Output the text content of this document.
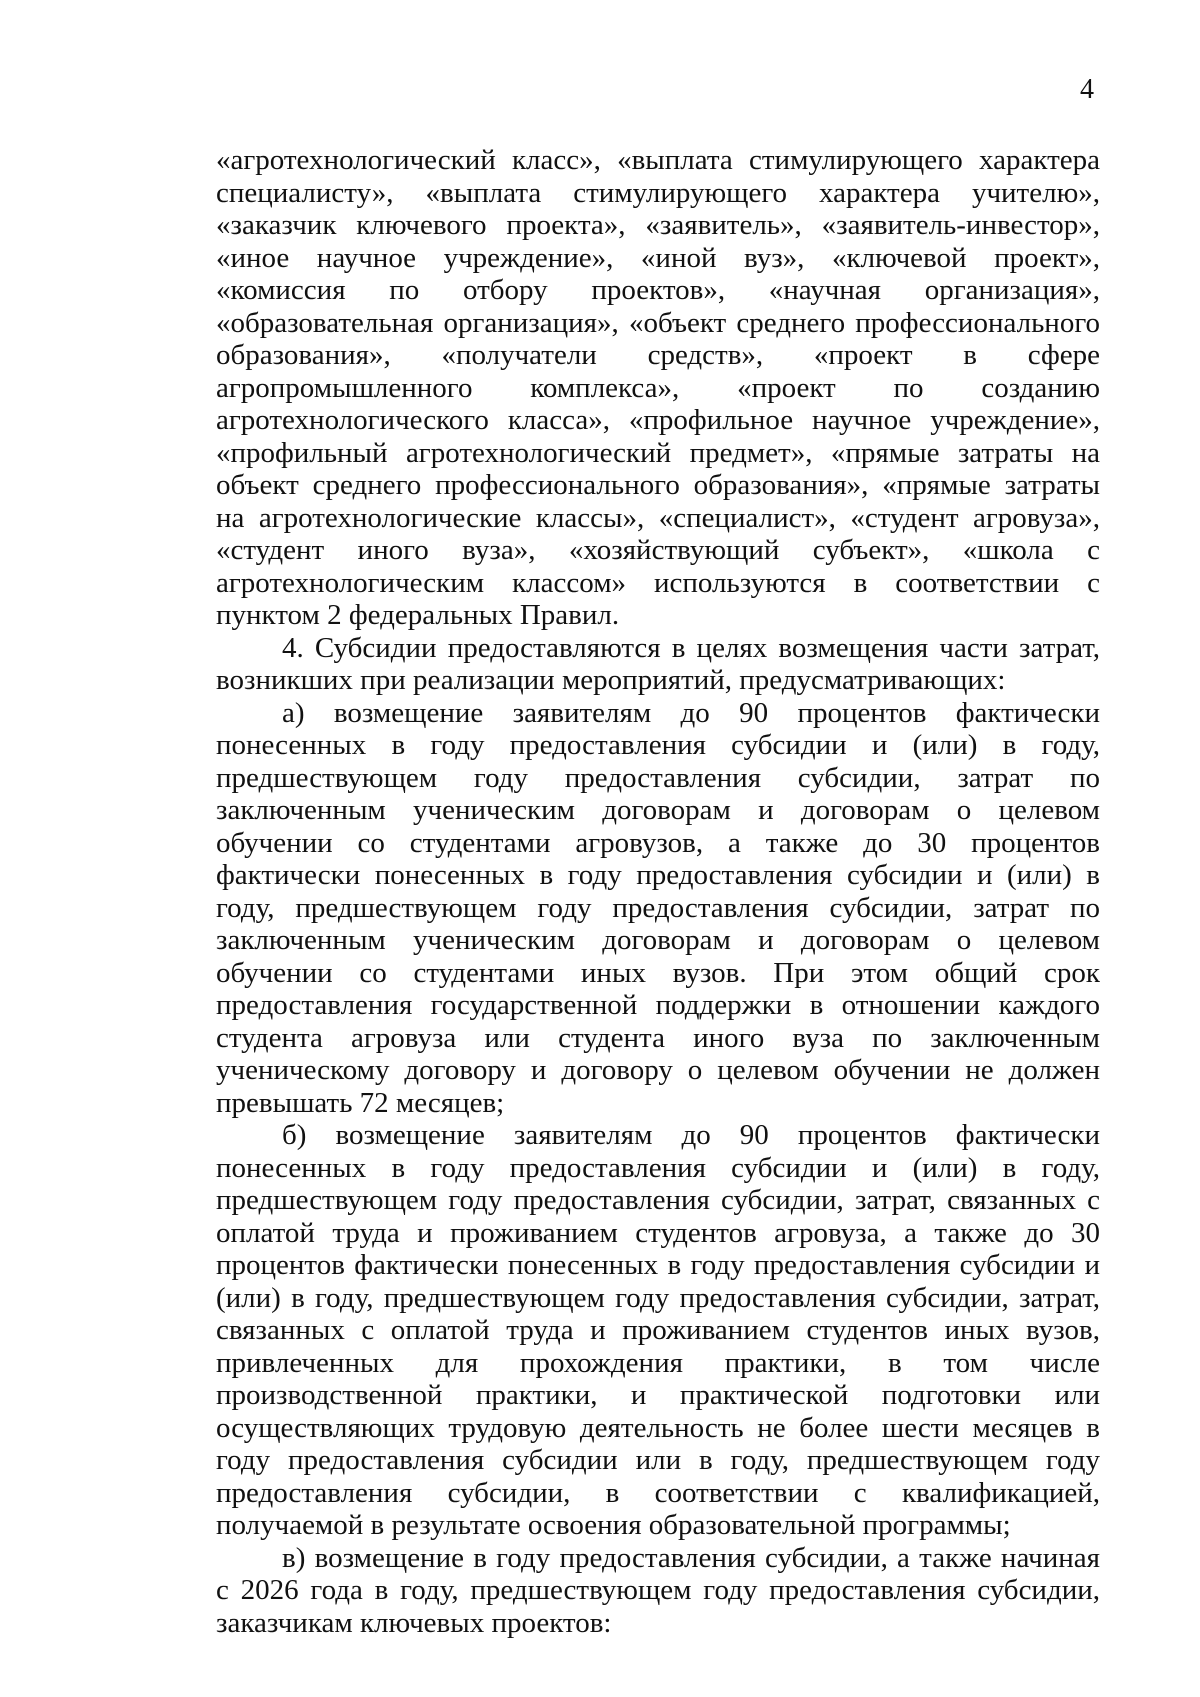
4

«агротехнологический класс», «выплата стимулирующего характера специалисту», «выплата стимулирующего характера учителю», «заказчик ключевого проекта», «заявитель», «заявитель-инвестор», «иное научное учреждение», «иной вуз», «ключевой проект», «комиссия по отбору проектов», «научная организация», «образовательная организация», «объект среднего профессионального образования», «получатели средств», «проект в сфере агропромышленного комплекса», «проект по созданию агротехнологического класса», «профильное научное учреждение», «профильный агротехнологический предмет», «прямые затраты на объект среднего профессионального образования», «прямые затраты на агротехнологические классы», «специалист», «студент агровуза», «студент иного вуза», «хозяйствующий субъект», «школа с агротехнологическим классом» используются в соответствии с пунктом 2 федеральных Правил.

4. Субсидии предоставляются в целях возмещения части затрат, возникших при реализации мероприятий, предусматривающих:

а) возмещение заявителям до 90 процентов фактически понесенных в году предоставления субсидии и (или) в году, предшествующем году предоставления субсидии, затрат по заключенным ученическим договорам и договорам о целевом обучении со студентами агровузов, а также до 30 процентов фактически понесенных в году предоставления субсидии и (или) в году, предшествующем году предоставления субсидии, затрат по заключенным ученическим договорам и договорам о целевом обучении со студентами иных вузов. При этом общий срок предоставления государственной поддержки в отношении каждого студента агровуза или студента иного вуза по заключенным ученическому договору и договору о целевом обучении не должен превышать 72 месяцев;

б) возмещение заявителям до 90 процентов фактически понесенных в году предоставления субсидии и (или) в году, предшествующем году предоставления субсидии, затрат, связанных с оплатой труда и проживанием студентов агровуза, а также до 30 процентов фактически понесенных в году предоставления субсидии и (или) в году, предшествующем году предоставления субсидии, затрат, связанных с оплатой труда и проживанием студентов иных вузов, привлеченных для прохождения практики, в том числе производственной практики, и практической подготовки или осуществляющих трудовую деятельность не более шести месяцев в году предоставления субсидии или в году, предшествующем году предоставления субсидии, в соответствии с квалификацией, получаемой в результате освоения образовательной программы;

в) возмещение в году предоставления субсидии, а также начиная с 2026 года в году, предшествующем году предоставления субсидии, заказчикам ключевых проектов:
